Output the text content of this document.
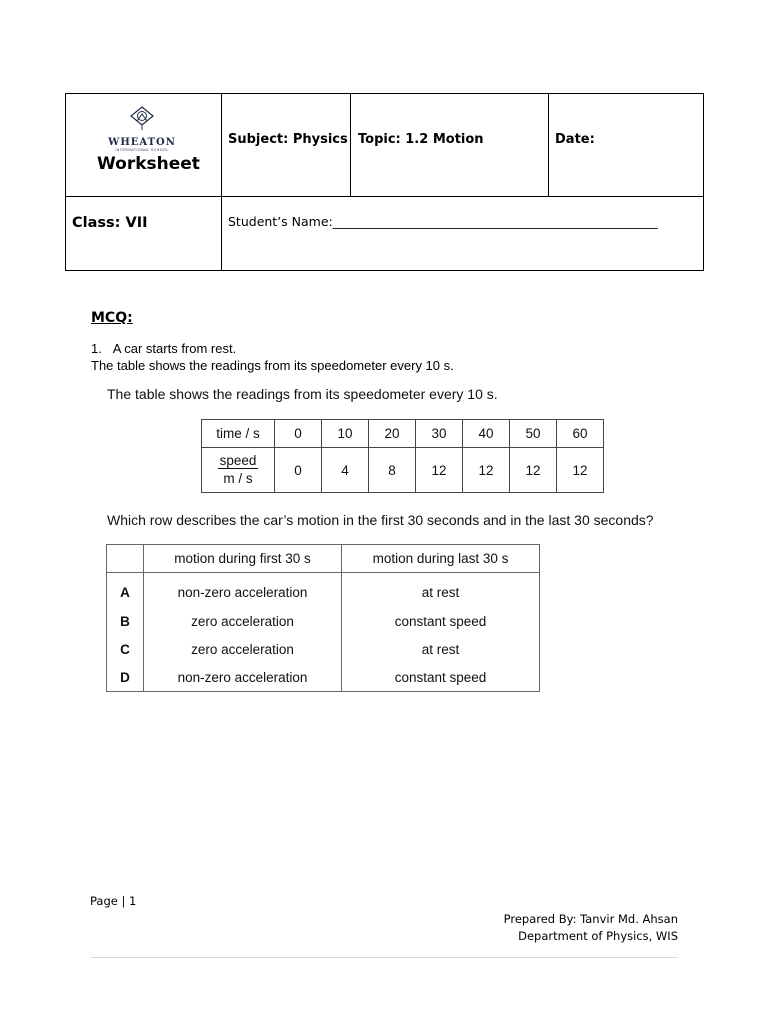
WHEATON
INTERNATIONAL SCHOOL
Worksheet
Subject: Physics Topic: 1.2 Motion	Date:
Class: VII	Student’s Name:____________________________________________________
MCQ:
1. A car starts from rest.
The table shows the readings from its speedometer every 10 s.
The table shows the readings from its speedometer every 10 s.
time / s	0	10	20	30	40	50	60
$\frac{\text{speed}}{m / s}$	0	4	8	12	12	12	12
Which row describes the car’s motion in the first 30 seconds and in the last 30 seconds?
	motion during first 30 s	motion during last 30 s
A	non-zero acceleration	at rest
B	zero acceleration	constant speed
C	zero acceleration	at rest
D	non-zero acceleration	constant speed
Page | 1
Prepared By: Tanvir Md. Ahsan
Department of Physics, WIS
